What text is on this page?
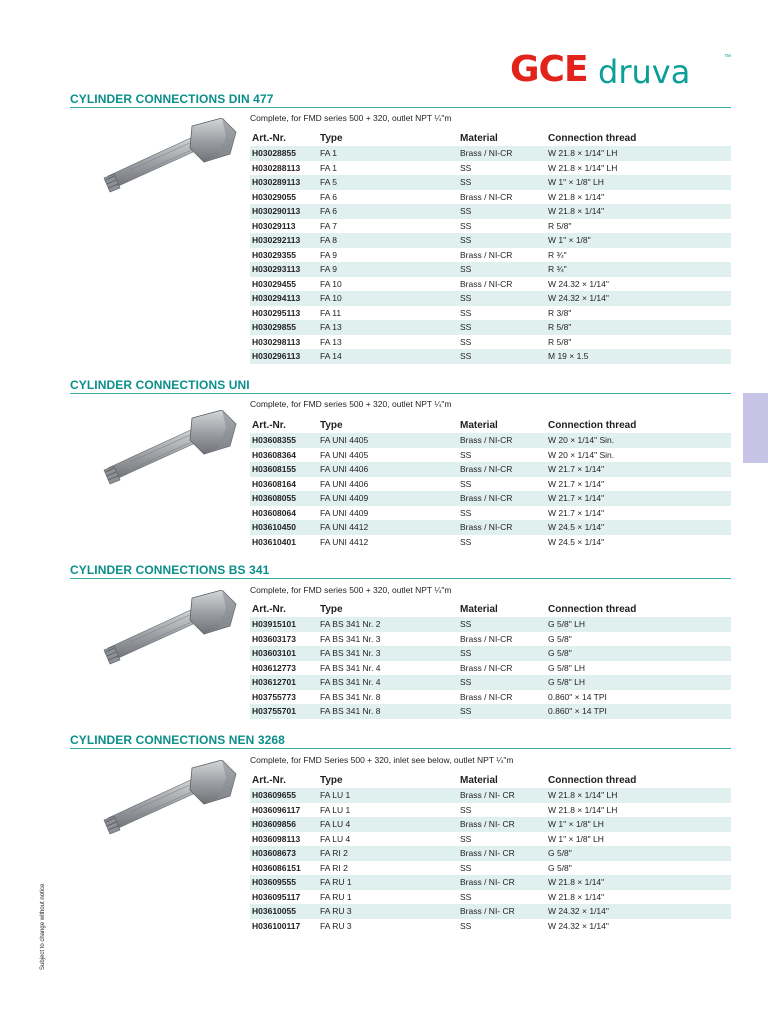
GCE druva	™
Subject to change without notice
CYLINDER CONNECTIONS DIN 477
Complete, for FMD series 500 + 320, outlet NPT ¼"m
Art.-Nr.	Type	Material	Connection thread
H03028855	FA 1	Brass / NI-CR	W 21.8 × 1/14" LH
H030288113 FA 1	SS	W 21.8 × 1/14" LH
H030289113 FA 5	SS	W 1" × 1/8" LH
H03029055	FA 6	Brass / NI-CR	W 21.8 × 1/14"
H030290113 FA 6	SS	W 21.8 × 1/14"
H03029113	FA 7	SS	R 5/8"
H030292113 FA 8	SS	W 1" × 1/8"
H03029355	FA 9	Brass / NI-CR	R ¾"
H030293113 FA 9	SS	R ¾"
H03029455	FA 10	Brass / NI-CR	W 24.32 × 1/14"
H030294113 FA 10	SS	W 24.32 × 1/14"
H030295113 FA 11	SS	R 3/8"
H03029855	FA 13	SS	R 5/8"
H030298113 FA 13	SS	R 5/8"
H030296113 FA 14	SS	M 19 × 1.5
CYLINDER CONNECTIONS UNI
Complete, for FMD series 500 + 320, outlet NPT ¼"m
Art.-Nr.	Type	Material	Connection thread
H03608355	FA UNI 4405	Brass / NI-CR	W 20 × 1/14" Sin.
H03608364	FA UNI 4405	SS	W 20 × 1/14" Sin.
H03608155	FA UNI 4406	Brass / NI-CR	W 21.7 × 1/14"
H03608164	FA UNI 4406	SS	W 21.7 × 1/14"
H03608055	FA UNI 4409	Brass / NI-CR	W 21.7 × 1/14"
H03608064	FA UNI 4409	SS	W 21.7 × 1/14"
H03610450	FA UNI 4412	Brass / NI-CR	W 24.5 × 1/14"
H03610401	FA UNI 4412	SS	W 24.5 × 1/14"
CYLINDER CONNECTIONS BS 341
Complete, for FMD series 500 + 320, outlet NPT ¼"m
Art.-Nr.	Type	Material	Connection thread
H03915101	FA BS 341 Nr. 2	SS	G 5/8" LH
H03603173	FA BS 341 Nr. 3	Brass / NI-CR	G 5/8"
H03603101	FA BS 341 Nr. 3	SS	G 5/8"
H03612773	FA BS 341 Nr. 4	Brass / NI-CR	G 5/8" LH
H03612701	FA BS 341 Nr. 4	SS	G 5/8" LH
H03755773	FA BS 341 Nr. 8	Brass / NI-CR	0.860" × 14 TPI
H03755701	FA BS 341 Nr. 8	SS	0.860" × 14 TPI
CYLINDER CONNECTIONS NEN 3268
Complete, for FMD Series 500 + 320, inlet see below, outlet NPT ¼"m
Art.-Nr.	Type	Material	Connection thread
H03609655	FA LU 1	Brass / NI- CR	W 21.8 × 1/14" LH
H036096117 FA LU 1	SS	W 21.8 × 1/14" LH
H03609856	FA LU 4	Brass / NI- CR	W 1" × 1/8" LH
H036098113 FA LU 4	SS	W 1" × 1/8" LH
H03608673	FA RI 2	Brass / NI- CR	G 5/8"
H036086151 FA RI 2	SS	G 5/8"
H03609555	FA RU 1	Brass / NI- CR	W 21.8 × 1/14"
H036095117 FA RU 1	SS	W 21.8 × 1/14"
H03610055	FA RU 3	Brass / NI- CR	W 24.32 × 1/14"
H036100117 FA RU 3	SS	W 24.32 × 1/14"
